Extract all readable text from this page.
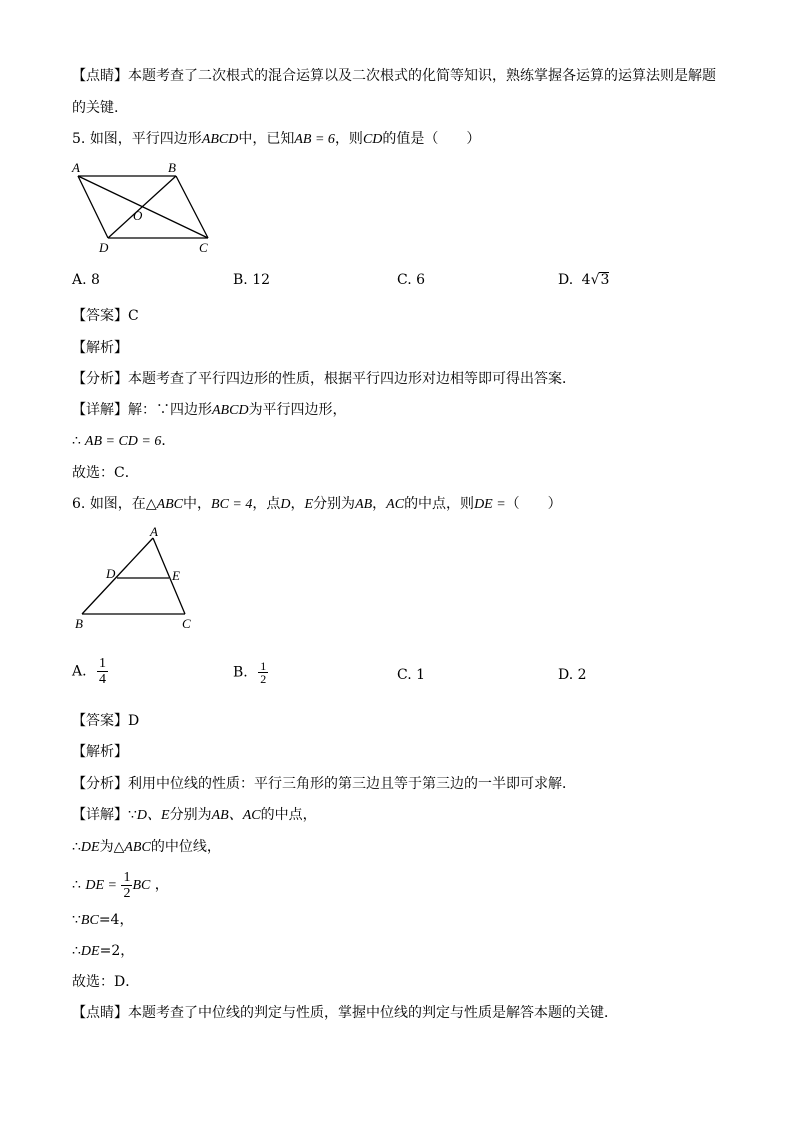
【点睛】本题考查了二次根式的混合运算以及二次根式的化简等知识，熟练掌握各运算的运算法则是解题
的关键.
5. 如图，平行四边形ABCD中，已知AB = 6，则CD的值是（　　）
A	B
C
D
O
A. 8	B. 12	C. 6	D. 4√3
【答案】C
【解析】
【分析】本题考查了平行四边形的性质，根据平行四边形对边相等即可得出答案．
【详解】解：∵四边形ABCD为平行四边形，
∴ AB = CD = 6．
故选：C．
6. 如图，在△ABC中，BC = 4，点D，E分别为AB，AC的中点，则DE =（　　）
A
D	E
B	C
A. $\frac{1}{4}$	B. $\frac{1}{2}$	C. 1	D. 2
【答案】D
【解析】
【分析】利用中位线的性质：平行三角形的第三边且等于第三边的一半即可求解．
【详解】∵D、E分别为AB、AC的中点，
∴DE为△ABC的中位线，
∴ DE = $\frac{1}{2}$ BC ，
∵BC=4，
∴DE=2，
故选：D．
【点睛】本题考查了中位线的判定与性质，掌握中位线的判定与性质是解答本题的关键．
